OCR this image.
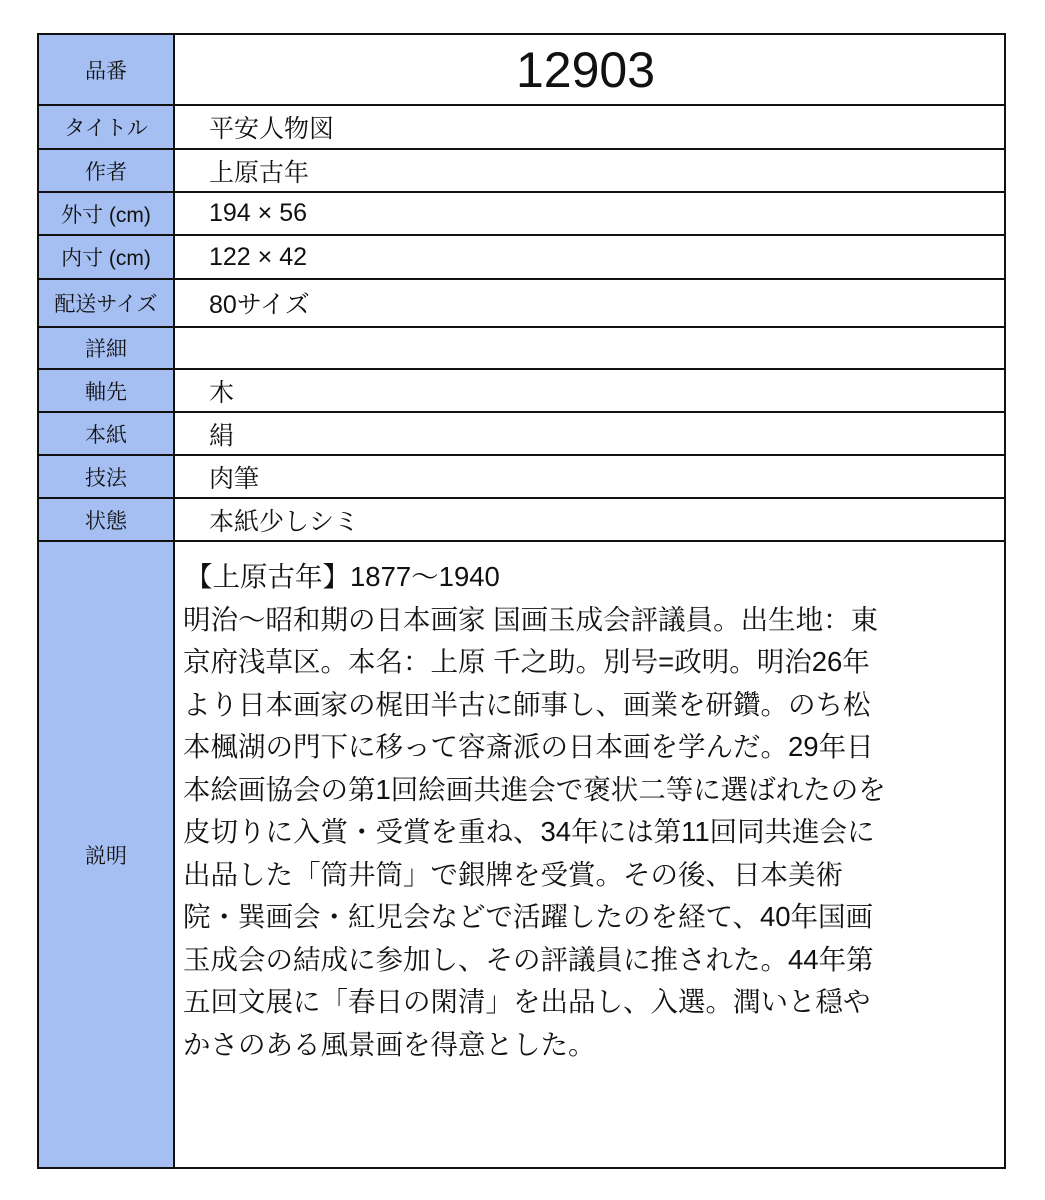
品番	12903
タイトル	平安人物図
作者	上原古年
外寸 (cm)	194 × 56
内寸 (cm)	122 × 42
配送サイズ	80サイズ
詳細
軸先	木
本紙	絹
技法	肉筆
状態	本紙少しシミ
説明
【上原古年】1877～1940
明治～昭和期の日本画家 国画玉成会評議員。出生地：東
京府浅草区。本名：上原 千之助。別号=政明。明治26年
より日本画家の梶田半古に師事し、画業を研鑽。のち松
本楓湖の門下に移って容斎派の日本画を学んだ。29年日
本絵画協会の第1回絵画共進会で褒状二等に選ばれたのを
皮切りに入賞・受賞を重ね、34年には第11回同共進会に
出品した「筒井筒」で銀牌を受賞。その後、日本美術
院・巽画会・紅児会などで活躍したのを経て、40年国画
玉成会の結成に参加し、その評議員に推された。44年第
五回文展に「春日の閑清」を出品し、入選。潤いと穏や
かさのある風景画を得意とした。
